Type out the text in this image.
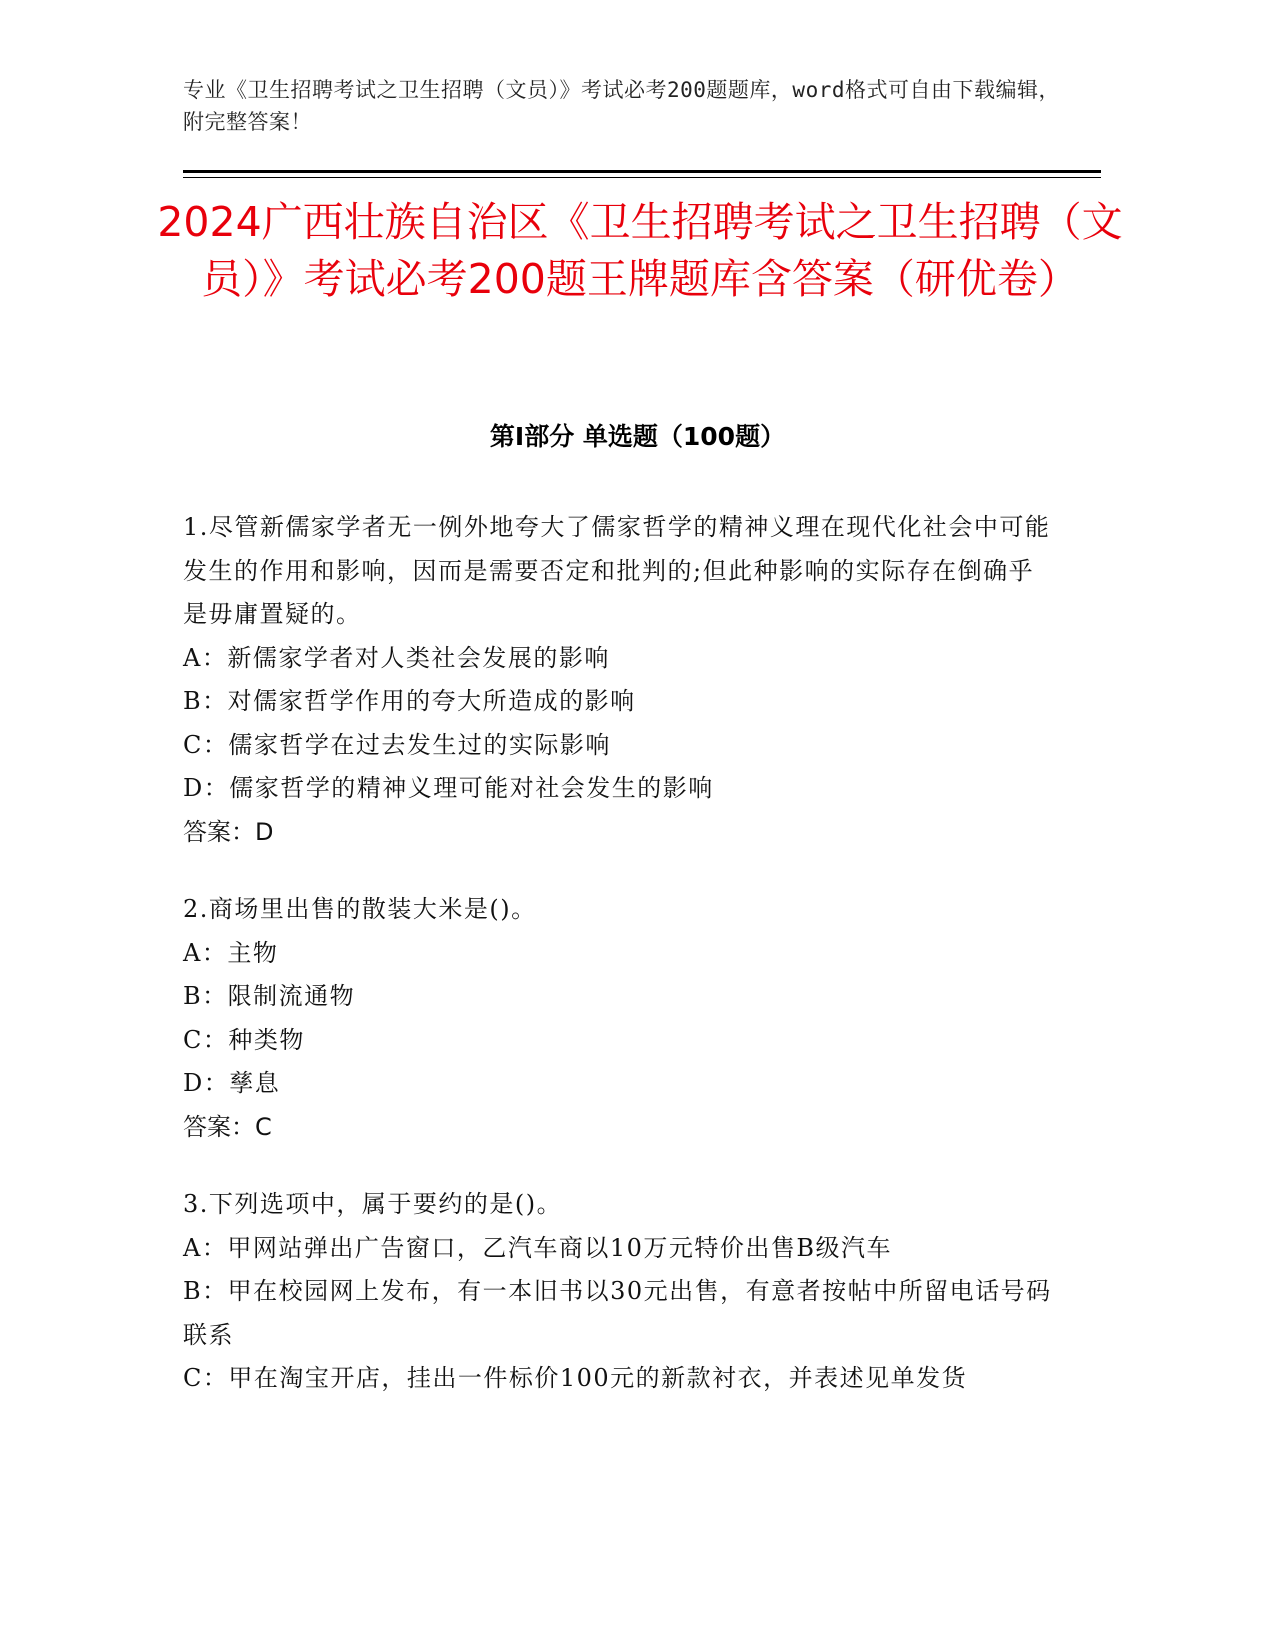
专业《卫生招聘考试之卫生招聘（文员）》考试必考200题题库，word格式可自由下载编辑，附完整答案！
2024广西壮族自治区《卫生招聘考试之卫生招聘（文员）》考试必考200题王牌题库含答案（研优卷）
第Ⅰ部分 单选题（100题）

1.尽管新儒家学者无一例外地夸大了儒家哲学的精神义理在现代化社会中可能发生的作用和影响，因而是需要否定和批判的;但此种影响的实际存在倒确乎是毋庸置疑的。

A：新儒家学者对人类社会发展的影响

B：对儒家哲学作用的夸大所造成的影响

C：儒家哲学在过去发生过的实际影响

D：儒家哲学的精神义理可能对社会发生的影响

答案：D

2.商场里出售的散装大米是()。

A：主物

B：限制流通物

C：种类物

D：孳息

答案：C

3.下列选项中，属于要约的是()。

A：甲网站弹出广告窗口，乙汽车商以10万元特价出售B级汽车

B：甲在校园网上发布，有一本旧书以30元出售，有意者按帖中所留电话号码联系

C：甲在淘宝开店，挂出一件标价100元的新款衬衣，并表述见单发货
